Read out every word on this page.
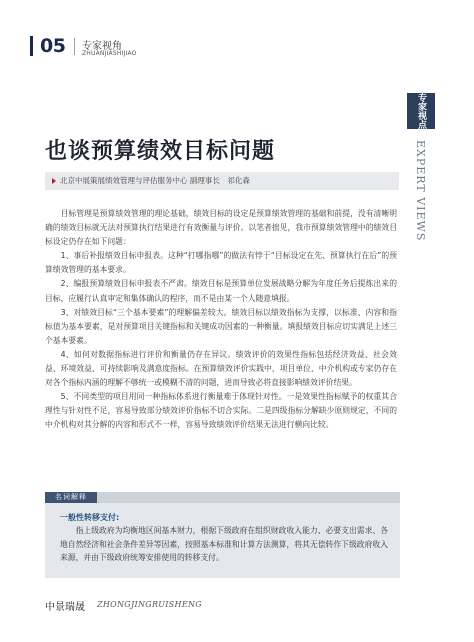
05 专家视角
ZHUANJIASHIJIAO
专家视点
EXPERT VIEWS
也谈预算绩效目标问题
北京中展策展绩效管理与评估服务中心 副理事长　祁化森

目标管理是预算绩效管理的理论基础，绩效目标的设定是预算绩效管理的基础和前提，没有清晰明确的绩效目标就无法对预算执行结果进行有效衡量与评价。以笔者拙见，我市预算绩效管理中的绩效目标设定仍存在如下问题：

1、事后补报绩效目标申报表。这种“打哪指哪”的做法有悖于“目标设定在先、预算执行在后”的预算绩效管理的基本要求。

2、编报预算绩效目标申报表不严肃。绩效目标是预算单位发展战略分解为年度任务后提炼出来的目标，应履行认真审定和集体确认的程序，而不是由某一个人随意填报。

3、对绩效目标“三个基本要素”的理解偏差较大。绩效目标以绩效指标为支撑，以标准、内容和指标值为基本要素，是对预算项目关键指标和关键成功因素的一种衡量。填报绩效目标应切实满足上述三个基本要素。

4、如何对数据指标进行评价和衡量仍存在异议。绩效评价的效果性指标包括经济效益、社会效益、环境效益、可持续影响及满意度指标。在预算绩效评价实践中，项目单位、中介机构或专家仍存在对各个指标内涵的理解不够统一或模糊不清的问题，进而导致必将直接影响绩效评价结果。

5、不同类型的项目用同一种指标体系进行衡量难于体现针对性。一是效果性指标赋予的权重其合理性与针对性不足，容易导致部分绩效评价指标不切合实际。二是四级指标分解缺少原则规定，不同的中介机构对其分解的内容和形式不一样，容易导致绩效评价结果无法进行横向比较。

名词解释
一般性转移支付:

指上级政府为均衡地区间基本财力，根据下级政府在组织财政收入能力、必要支出需求、各地自然经济和社会条件差异等因素，按照基本标准和计算方法测算，将其无偿转作下级政府收入来源，并由下级政府统筹安排使用的转移支付。

中景瑞晟 ZHONGJINGRUISHENG
